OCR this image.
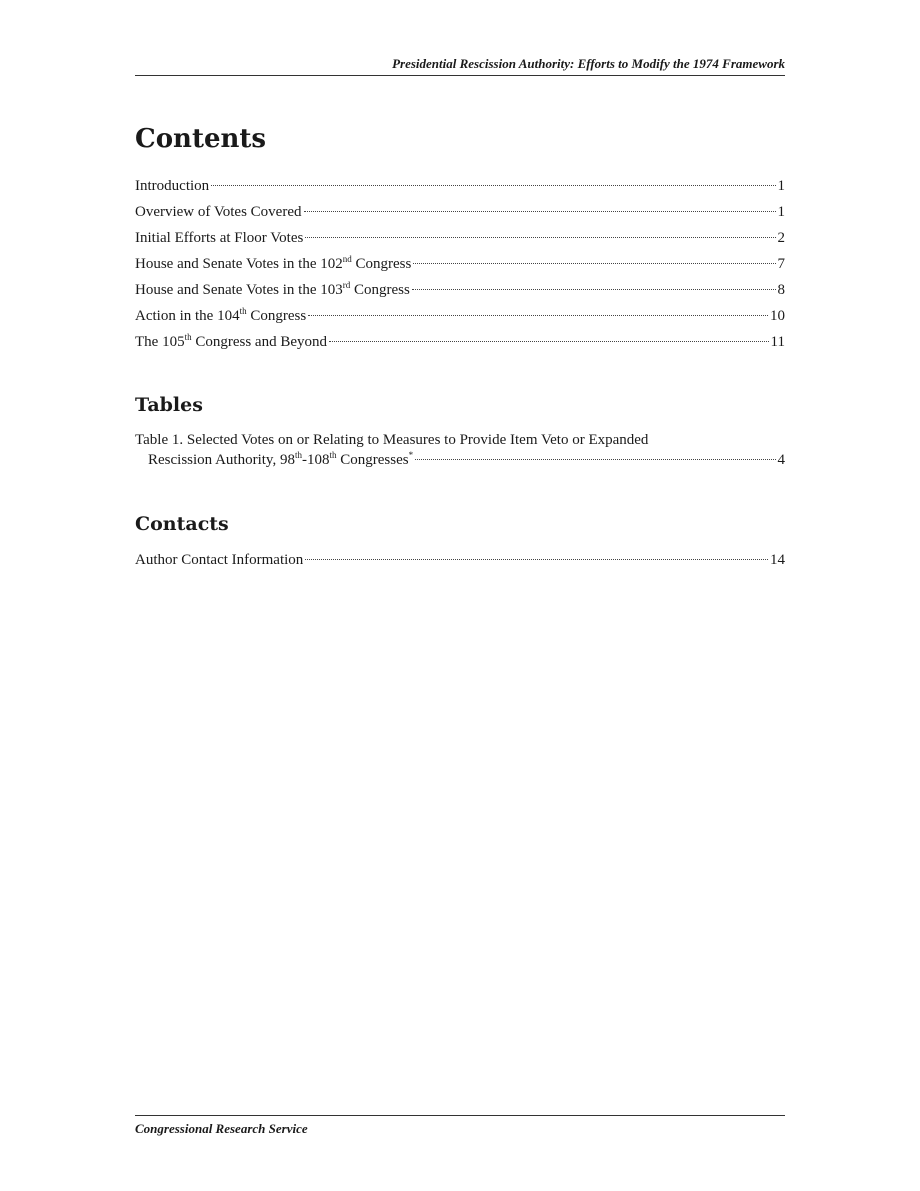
Presidential Rescission Authority: Efforts to Modify the 1974 Framework
Contents
Introduction	1
Overview of Votes Covered	1
Initial Efforts at Floor Votes	2
House and Senate Votes in the 102nd Congress	7
House and Senate Votes in the 103rd Congress	8
Action in the 104th Congress	10
The 105th Congress and Beyond	11
Tables
Table 1. Selected Votes on or Relating to Measures to Provide Item Veto or Expanded
Rescission Authority, 98th-108th Congresses*	4
Contacts
Author Contact Information	14
Congressional Research Service
